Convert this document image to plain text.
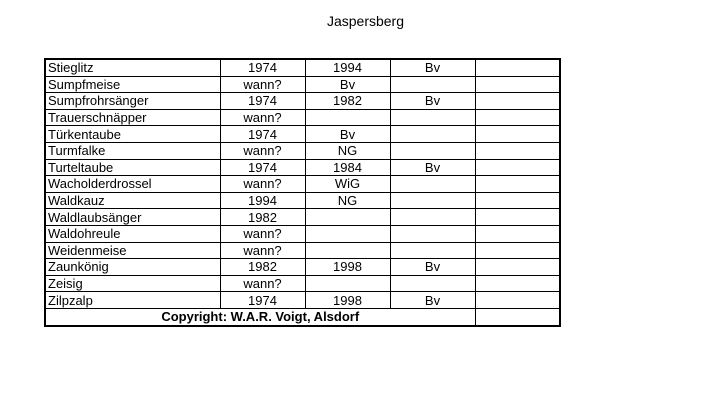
Jaspersberg
Stieglitz	1974	1994	Bv	
Sumpfmeise	wann?	Bv		
Sumpfrohrsänger	1974	1982	Bv	
Trauerschnäpper	wann?			
Türkentaube	1974	Bv		
Turmfalke	wann?	NG		
Turteltaube	1974	1984	Bv	
Wacholderdrossel	wann?	WiG		
Waldkauz	1994	NG		
Waldlaubsänger	1982			
Waldohreule	wann?			
Weidenmeise	wann?			
Zaunkönig	1982	1998	Bv	
Zeisig	wann?			
Zilpzalp	1974	1998	Bv	
Copyright: W.A.R. Voigt, Alsdorf				
